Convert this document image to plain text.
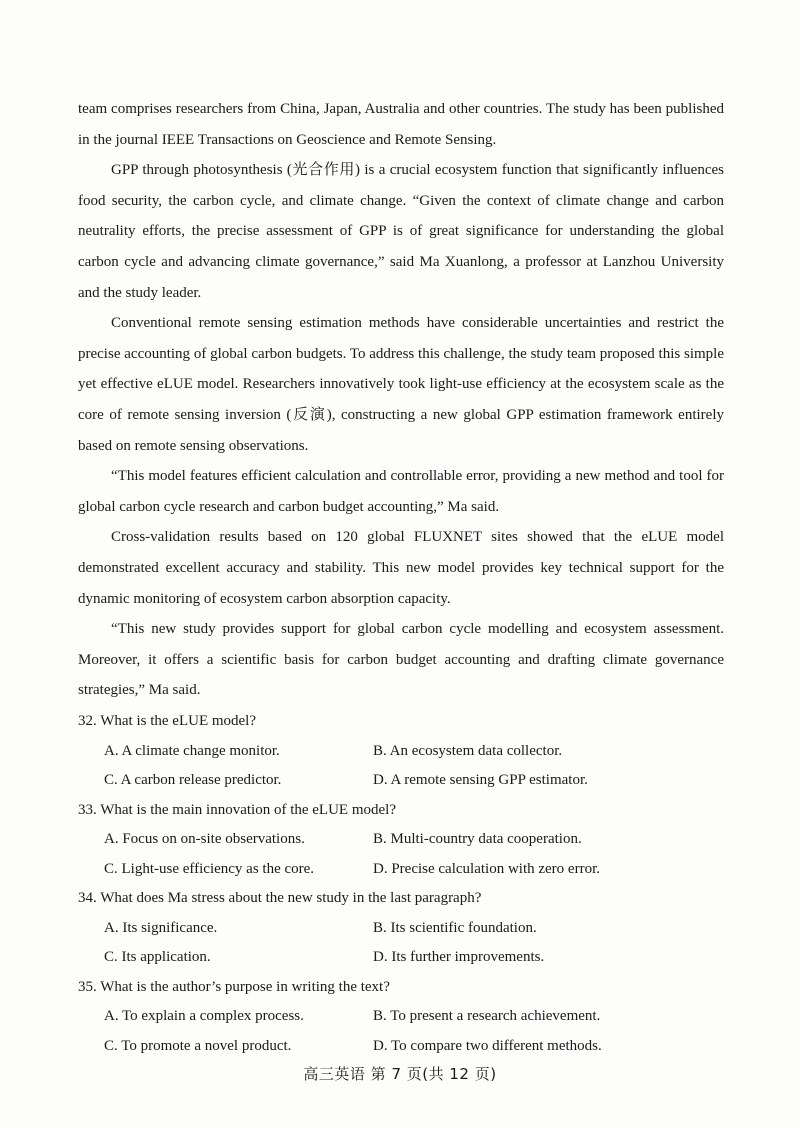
team comprises researchers from China, Japan, Australia and other countries. The study has been published in the journal IEEE Transactions on Geoscience and Remote Sensing.

GPP through photosynthesis (光合作用) is a crucial ecosystem function that significantly influences food security, the carbon cycle, and climate change. “Given the context of climate change and carbon neutrality efforts, the precise assessment of GPP is of great significance for understanding the global carbon cycle and advancing climate governance,” said Ma Xuanlong, a professor at Lanzhou University and the study leader.

Conventional remote sensing estimation methods have considerable uncertainties and restrict the precise accounting of global carbon budgets. To address this challenge, the study team proposed this simple yet effective eLUE model. Researchers innovatively took light-use efficiency at the ecosystem scale as the core of remote sensing inversion (反演), constructing a new global GPP estimation framework entirely based on remote sensing observations.

“This model features efficient calculation and controllable error, providing a new method and tool for global carbon cycle research and carbon budget accounting,” Ma said.

Cross-validation results based on 120 global FLUXNET sites showed that the eLUE model demonstrated excellent accuracy and stability. This new model provides key technical support for the dynamic monitoring of ecosystem carbon absorption capacity.

“This new study provides support for global carbon cycle modelling and ecosystem assessment. Moreover, it offers a scientific basis for carbon budget accounting and drafting climate governance strategies,” Ma said.

32. What is the eLUE model?

A. A climate change monitor.	B. An ecosystem data collector.
C. A carbon release predictor.	D. A remote sensing GPP estimator.

33. What is the main innovation of the eLUE model?

A. Focus on on-site observations.	B. Multi-country data cooperation.
C. Light-use efficiency as the core.	D. Precise calculation with zero error.

34. What does Ma stress about the new study in the last paragraph?

A. Its significance.	B. Its scientific foundation.
C. Its application.	D. Its further improvements.

35. What is the author’s purpose in writing the text?

A. To explain a complex process.	B. To present a research achievement.
C. To promote a novel product.	D. To compare two different methods.
高三英语 第 7 页(共 12 页)
